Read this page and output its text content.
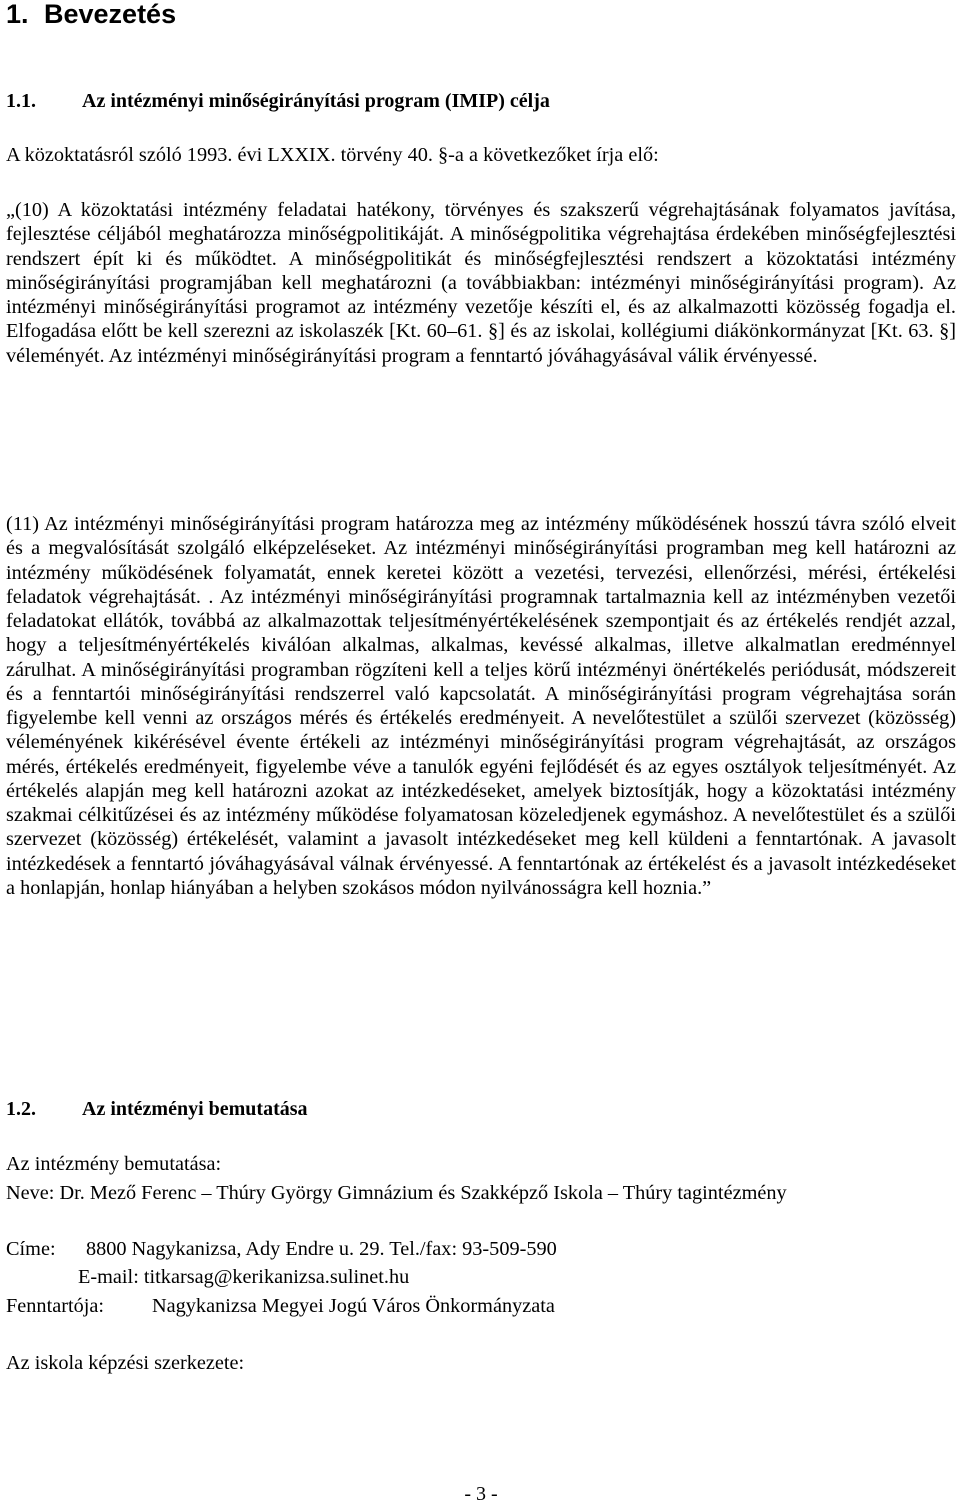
1. Bevezetés
1.1. Az intézményi minőségirányítási program (IMIP) célja

A közoktatásról szóló 1993. évi LXXIX. törvény 40. §-a a következőket írja elő:

„(10) A közoktatási intézmény feladatai hatékony, törvényes és szakszerű végrehajtásának folyamatos javítása, fejlesztése céljából meghatározza minőségpolitikáját. A minőségpolitika végrehajtása érdekében minőségfejlesztési rendszert épít ki és működtet. A minőségpolitikát és minőségfejlesztési rendszert a közoktatási intézmény minőségirányítási programjában kell meghatározni (a továbbiakban: intézményi minőségirányítási program). Az intézményi minőségirányítási programot az intézmény vezetője készíti el, és az alkalmazotti közösség fogadja el. Elfogadása előtt be kell szerezni az iskolaszék [Kt. 60–61. §] és az iskolai, kollégiumi diákönkormányzat [Kt. 63. §] véleményét. Az intézményi minőségirányítási program a fenntartó jóváhagyásával válik érvényessé.

(11) Az intézményi minőségirányítási program határozza meg az intézmény működésének hosszú távra szóló elveit és a megvalósítását szolgáló elképzeléseket. Az intézményi minőségirányítási programban meg kell határozni az intézmény működésének folyamatát, ennek keretei között a vezetési, tervezési, ellenőrzési, mérési, értékelési feladatok végrehajtását. . Az intézményi minőségirányítási programnak tartalmaznia kell az intézményben vezetői feladatokat ellátók, továbbá az alkalmazottak teljesítményértékelésének szempontjait és az értékelés rendjét azzal, hogy a teljesítményértékelés kiválóan alkalmas, alkalmas, kevéssé alkalmas, illetve alkalmatlan eredménnyel zárulhat. A minőségirányítási programban rögzíteni kell a teljes körű intézményi önértékelés periódusát, módszereit és a fenntartói minőségirányítási rendszerrel való kapcsolatát. A minőségirányítási program végrehajtása során figyelembe kell venni az országos mérés és értékelés eredményeit. A nevelőtestület a szülői szervezet (közösség) véleményének kikérésével évente értékeli az intézményi minőségirányítási program végrehajtását, az országos mérés, értékelés eredményeit, figyelembe véve a tanulók egyéni fejlődését és az egyes osztályok teljesítményét. Az értékelés alapján meg kell határozni azokat az intézkedéseket, amelyek biztosítják, hogy a közoktatási intézmény szakmai célkitűzései és az intézmény működése folyamatosan közeledjenek egymáshoz. A nevelőtestület és a szülői szervezet (közösség) értékelését, valamint a javasolt intézkedéseket meg kell küldeni a fenntartónak. A javasolt intézkedések a fenntartó jóváhagyásával válnak érvényessé. A fenntartónak az értékelést és a javasolt intézkedéseket a honlapján, honlap hiányában a helyben szokásos módon nyilvánosságra kell hoznia.”

1.2. Az intézményi bemutatása

Az intézmény bemutatása:

Neve: Dr. Mező Ferenc – Thúry György Gimnázium és Szakképző Iskola – Thúry tagintézmény

Címe: 8800 Nagykanizsa, Ady Endre u. 29. Tel./fax: 93-509-590

E-mail: titkarsag@kerikanizsa.sulinet.hu

Fenntartója: Nagykanizsa Megyei Jogú Város Önkormányzata

Az iskola képzési szerkezete:

- 3 -
